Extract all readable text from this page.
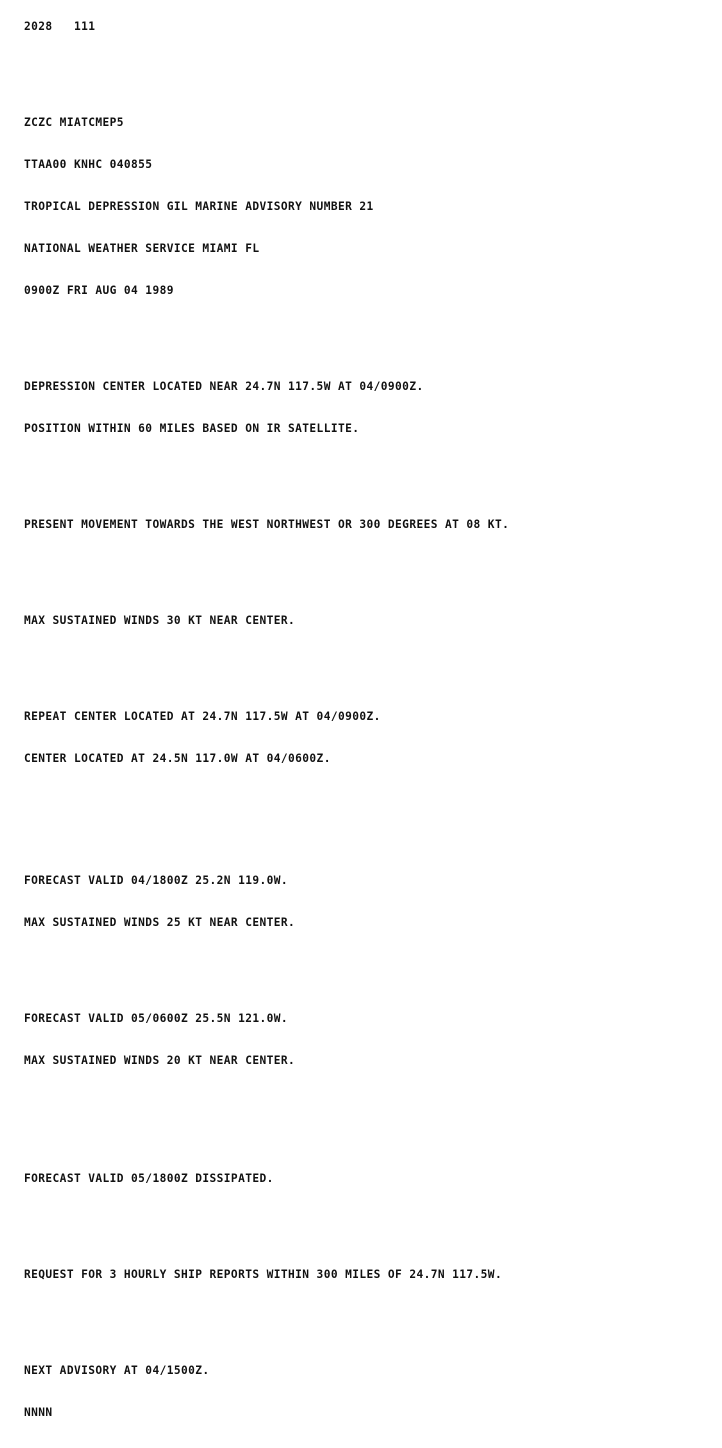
2028   111

ZCZC MIATCMEP5

TTAA00 KNHC 040855

TROPICAL DEPRESSION GIL MARINE ADVISORY NUMBER 21

NATIONAL WEATHER SERVICE MIAMI FL

0900Z FRI AUG 04 1989

DEPRESSION CENTER LOCATED NEAR 24.7N 117.5W AT 04/0900Z.

POSITION WITHIN 60 MILES BASED ON IR SATELLITE.

PRESENT MOVEMENT TOWARDS THE WEST NORTHWEST OR 300 DEGREES AT 08 KT.

MAX SUSTAINED WINDS 30 KT NEAR CENTER.

REPEAT CENTER LOCATED AT 24.7N 117.5W AT 04/0900Z.

CENTER LOCATED AT 24.5N 117.0W AT 04/0600Z.

FORECAST VALID 04/1800Z 25.2N 119.0W.

MAX SUSTAINED WINDS 25 KT NEAR CENTER.

FORECAST VALID 05/0600Z 25.5N 121.0W.

MAX SUSTAINED WINDS 20 KT NEAR CENTER.

FORECAST VALID 05/1800Z DISSIPATED.

REQUEST FOR 3 HOURLY SHIP REPORTS WITHIN 300 MILES OF 24.7N 117.5W.

NEXT ADVISORY AT 04/1500Z.

NNNN
